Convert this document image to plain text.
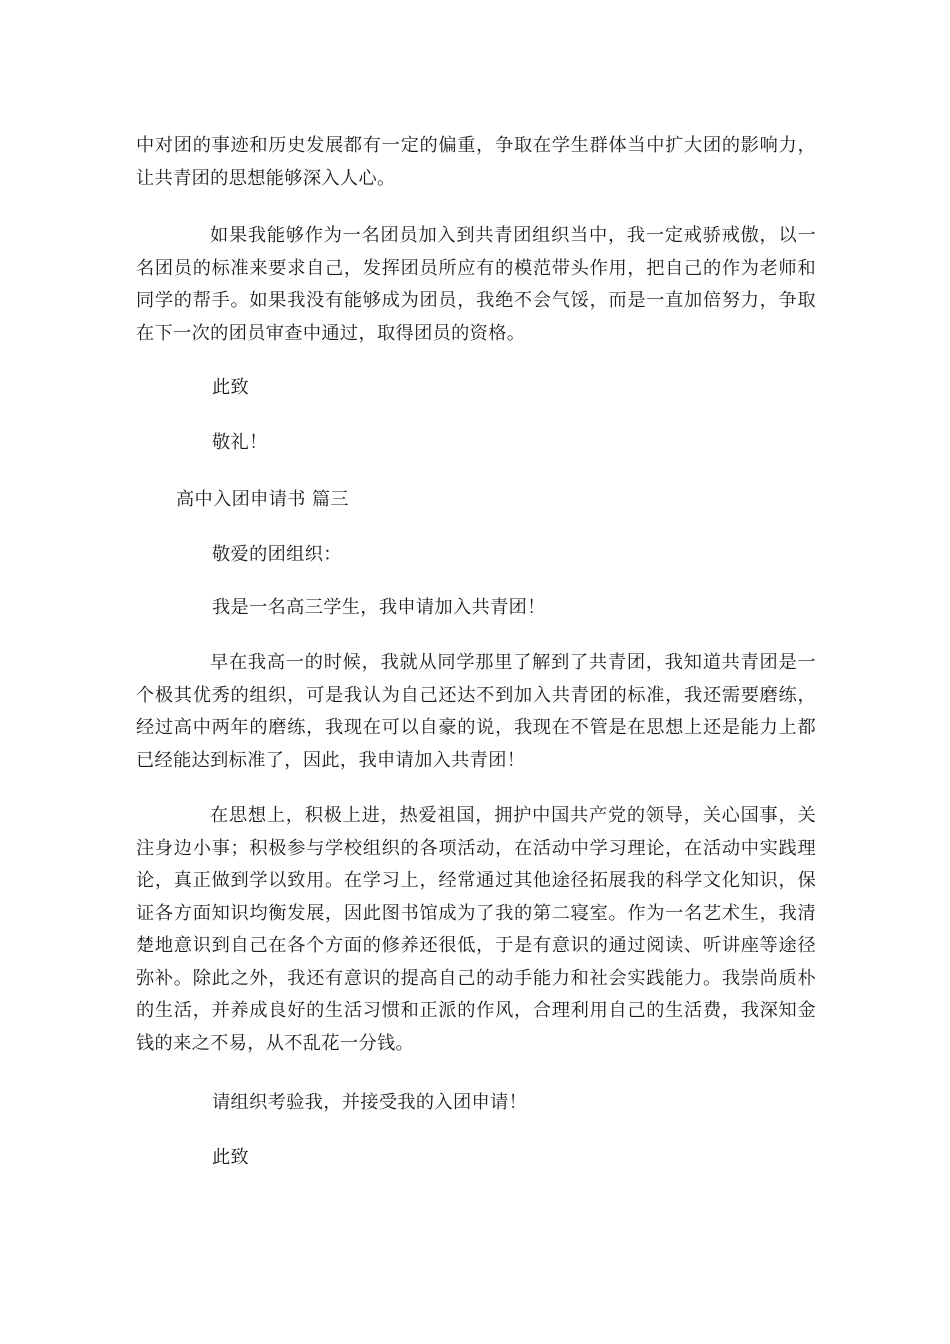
中对团的事迹和历史发展都有一定的偏重，争取在学生群体当中扩大团的影响力，让共青团的思想能够深入人心。

如果我能够作为一名团员加入到共青团组织当中，我一定戒骄戒傲，以一名团员的标准来要求自己，发挥团员所应有的模范带头作用，把自己的作为老师和同学的帮手。如果我没有能够成为团员，我绝不会气馁，而是一直加倍努力，争取在下一次的团员审查中通过，取得团员的资格。

此致

敬礼！

高中入团申请书 篇三

敬爱的团组织：

我是一名高三学生，我申请加入共青团！

早在我高一的时候，我就从同学那里了解到了共青团，我知道共青团是一个极其优秀的组织，可是我认为自己还达不到加入共青团的标准，我还需要磨练，经过高中两年的磨练，我现在可以自豪的说，我现在不管是在思想上还是能力上都已经能达到标准了，因此，我申请加入共青团！

在思想上，积极上进，热爱祖国，拥护中国共产党的领导，关心国事，关注身边小事；积极参与学校组织的各项活动，在活动中学习理论，在活动中实践理论，真正做到学以致用。在学习上，经常通过其他途径拓展我的科学文化知识，保证各方面知识均衡发展，因此图书馆成为了我的第二寝室。作为一名艺术生，我清楚地意识到自己在各个方面的修养还很低，于是有意识的通过阅读、听讲座等途径弥补。除此之外，我还有意识的提高自己的动手能力和社会实践能力。我崇尚质朴的生活，并养成良好的生活习惯和正派的作风，合理利用自己的生活费，我深知金钱的来之不易，从不乱花一分钱。

请组织考验我，并接受我的入团申请！

此致
